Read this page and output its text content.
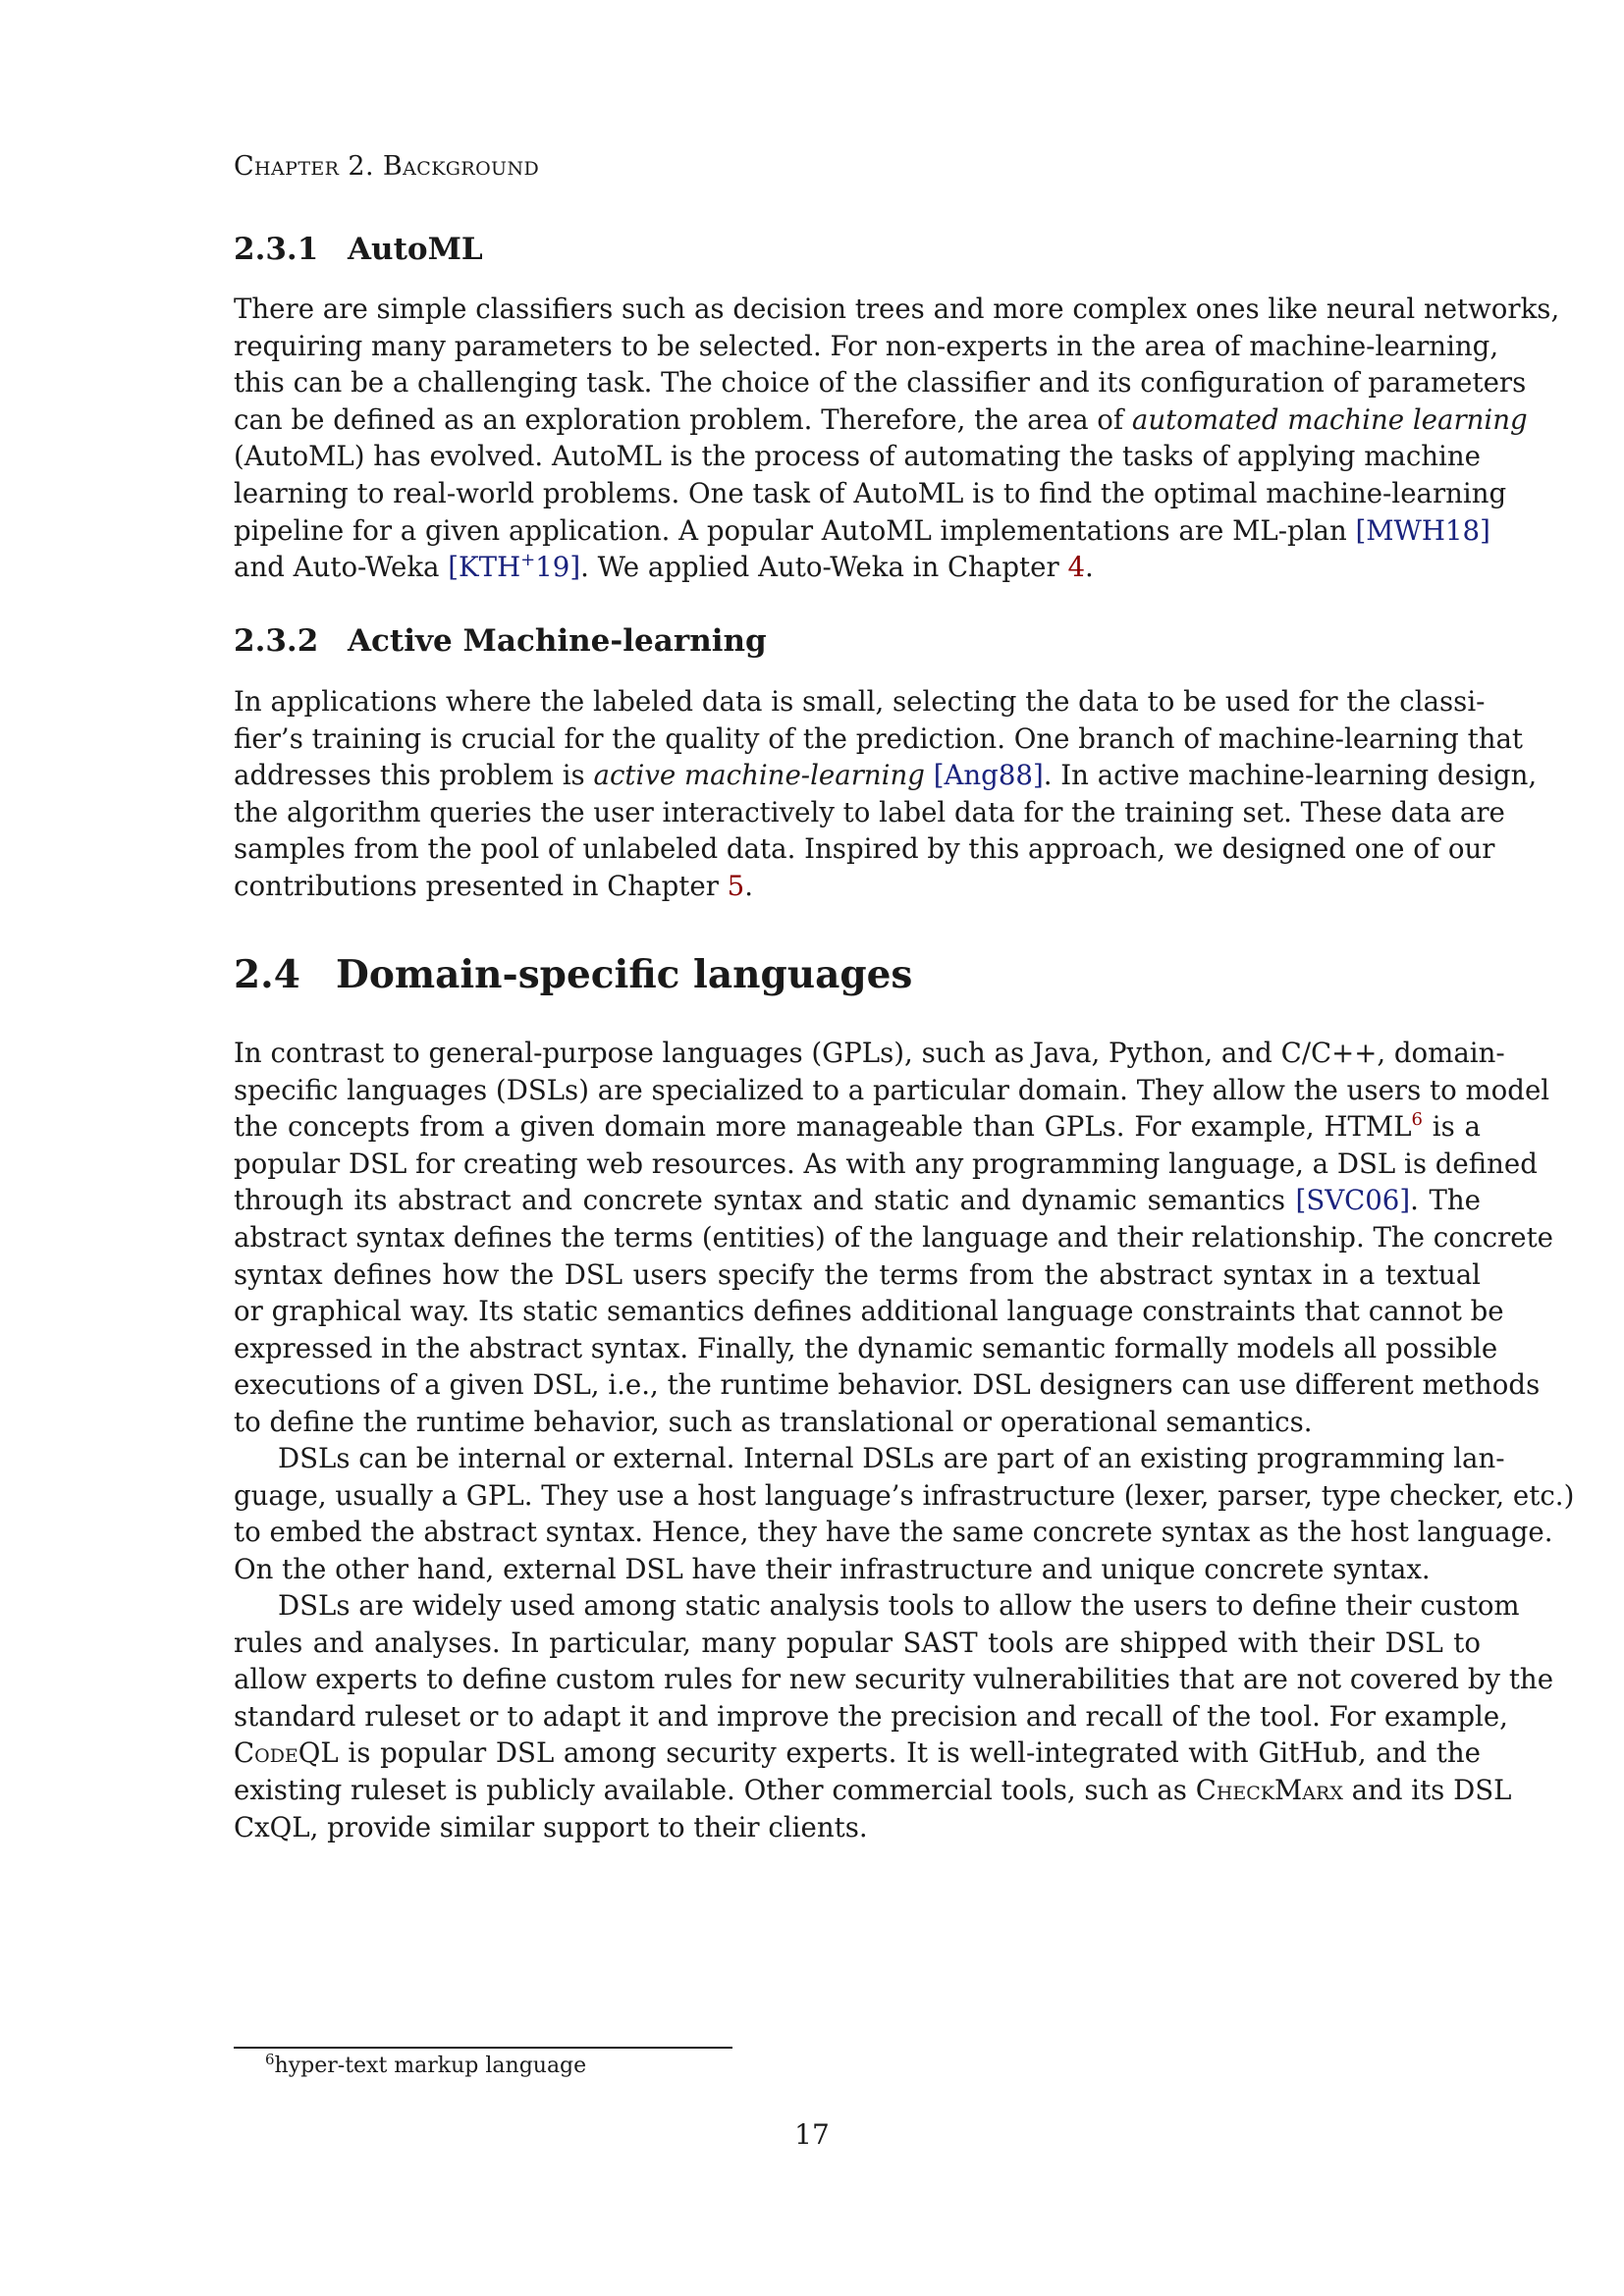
Chapter 2. Background
2.3.1 AutoML
There are simple classifiers such as decision trees and more complex ones like neural networks,
requiring many parameters to be selected. For non-experts in the area of machine-learning,
this can be a challenging task. The choice of the classifier and its configuration of parameters
can be defined as an exploration problem. Therefore, the area of automated machine learning
(AutoML) has evolved. AutoML is the process of automating the tasks of applying machine
learning to real-world problems. One task of AutoML is to find the optimal machine-learning
pipeline for a given application. A popular AutoML implementations are ML-plan [MWH18]
and Auto-Weka [KTH+19]. We applied Auto-Weka in Chapter 4.
2.3.2 Active Machine-learning
In applications where the labeled data is small, selecting the data to be used for the classi-
fier’s training is crucial for the quality of the prediction. One branch of machine-learning that
addresses this problem is active machine-learning [Ang88]. In active machine-learning design,
the algorithm queries the user interactively to label data for the training set. These data are
samples from the pool of unlabeled data. Inspired by this approach, we designed one of our
contributions presented in Chapter 5.
2.4 Domain-specific languages
In contrast to general-purpose languages (GPLs), such as Java, Python, and C/C++, domain-
specific languages (DSLs) are specialized to a particular domain. They allow the users to model
the concepts from a given domain more manageable than GPLs. For example, HTML$^6$ is a
popular DSL for creating web resources. As with any programming language, a DSL is defined
through its abstract and concrete syntax and static and dynamic semantics [SVC06]. The
abstract syntax defines the terms (entities) of the language and their relationship. The concrete
syntax defines how the DSL users specify the terms from the abstract syntax in a textual
or graphical way. Its static semantics defines additional language constraints that cannot be
expressed in the abstract syntax. Finally, the dynamic semantic formally models all possible
executions of a given DSL, i.e., the runtime behavior. DSL designers can use different methods
to define the runtime behavior, such as translational or operational semantics.
DSLs can be internal or external. Internal DSLs are part of an existing programming lan-
guage, usually a GPL. They use a host language’s infrastructure (lexer, parser, type checker, etc.)
to embed the abstract syntax. Hence, they have the same concrete syntax as the host language.
On the other hand, external DSL have their infrastructure and unique concrete syntax.
DSLs are widely used among static analysis tools to allow the users to define their custom
rules and analyses. In particular, many popular SAST tools are shipped with their DSL to
allow experts to define custom rules for new security vulnerabilities that are not covered by the
standard ruleset or to adapt it and improve the precision and recall of the tool. For example,
CodeQL is popular DSL among security experts. It is well-integrated with GitHub, and the
existing ruleset is publicly available. Other commercial tools, such as CheckMarx and its DSL
CxQL, provide similar support to their clients.
$^6$hyper-text markup language
17
